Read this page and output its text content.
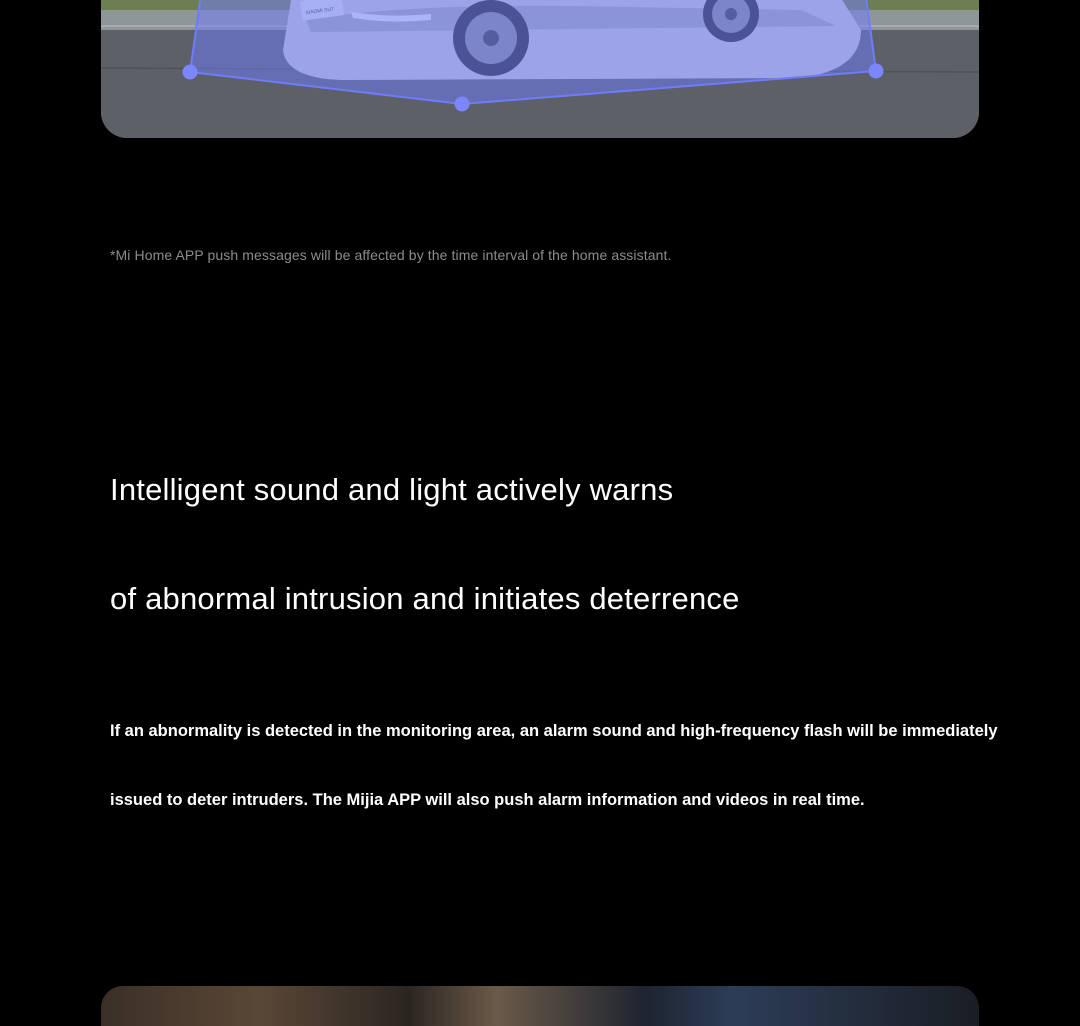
*Mi Home APP push messages will be affected by the time interval of the home assistant.
Intelligent sound and light actively warns
of abnormal intrusion and initiates deterrence
If an abnormality is detected in the monitoring area, an alarm sound and high-frequency flash will be immediately
issued to deter intruders. The Mijia APP will also push alarm information and videos in real time.
